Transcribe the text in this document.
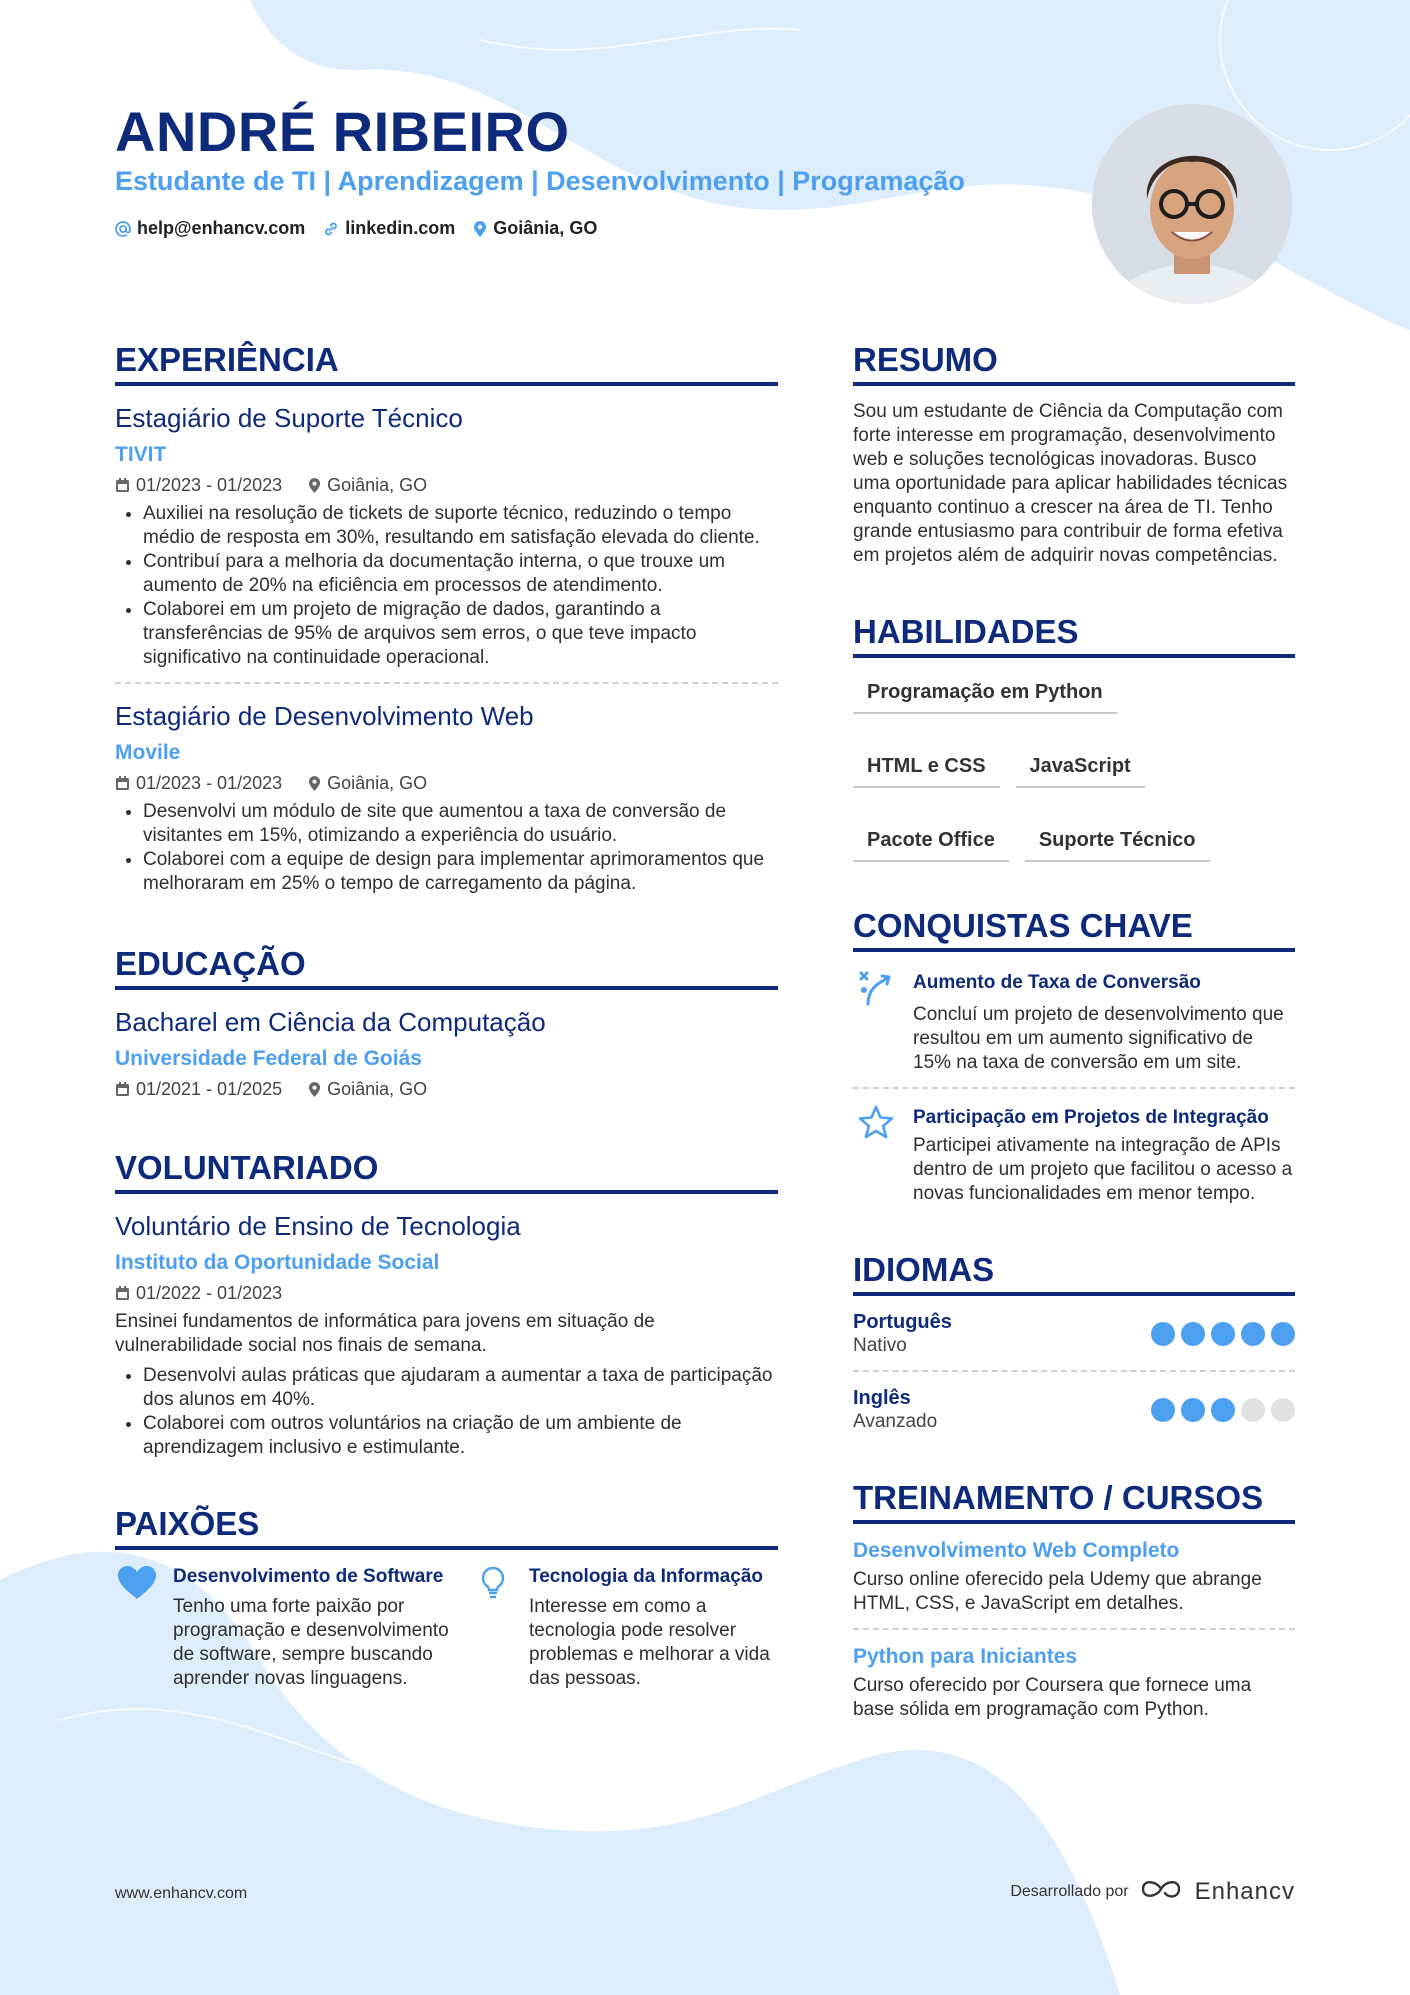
ANDRÉ RIBEIRO
Estudante de TI | Aprendizagem | Desenvolvimento | Programação
help@enhancv.com linkedin.com Goiânia, GO
EXPERIÊNCIA
Estagiário de Suporte Técnico
TIVIT
01/2023 - 01/2023	Goiânia, GO
• Auxiliei na resolução de tickets de suporte técnico, reduzindo o tempo médio de resposta em 30%, resultando em satisfação elevada do cliente.
• Contribuí para a melhoria da documentação interna, o que trouxe um aumento de 20% na eficiência em processos de atendimento.
• Colaborei em um projeto de migração de dados, garantindo a transferências de 95% de arquivos sem erros, o que teve impacto significativo na continuidade operacional.
Estagiário de Desenvolvimento Web
Movile
01/2023 - 01/2023	Goiânia, GO
• Desenvolvi um módulo de site que aumentou a taxa de conversão de visitantes em 15%, otimizando a experiência do usuário.
• Colaborei com a equipe de design para implementar aprimoramentos que melhoraram em 25% o tempo de carregamento da página.
EDUCAÇÃO
Bacharel em Ciência da Computação
Universidade Federal de Goiás
01/2021 - 01/2025	Goiânia, GO
VOLUNTARIADO
Voluntário de Ensino de Tecnologia
Instituto da Oportunidade Social
01/2022 - 01/2023
Ensinei fundamentos de informática para jovens em situação de vulnerabilidade social nos finais de semana.
• Desenvolvi aulas práticas que ajudaram a aumentar a taxa de participação dos alunos em 40%.
• Colaborei com outros voluntários na criação de um ambiente de aprendizagem inclusivo e estimulante.
PAIXÕES
Desenvolvimento de Software
Tenho uma forte paixão por programação e desenvolvimento de software, sempre buscando aprender novas linguagens.
Tecnologia da Informação
Interesse em como a tecnologia pode resolver problemas e melhorar a vida das pessoas.
RESUMO
Sou um estudante de Ciência da Computação com forte interesse em programação, desenvolvimento web e soluções tecnológicas inovadoras. Busco uma oportunidade para aplicar habilidades técnicas enquanto continuo a crescer na área de TI. Tenho grande entusiasmo para contribuir de forma efetiva em projetos além de adquirir novas competências.
HABILIDADES
Programação em Python
HTML e CSS	JavaScript
Pacote Office	Suporte Técnico
CONQUISTAS CHAVE
Aumento de Taxa de Conversão
Concluí um projeto de desenvolvimento que resultou em um aumento significativo de 15% na taxa de conversão em um site.
Participação em Projetos de Integração
Participei ativamente na integração de APIs dentro de um projeto que facilitou o acesso a novas funcionalidades em menor tempo.
IDIOMAS
Português
Nativo
Inglês
Avanzado
TREINAMENTO / CURSOS
Desenvolvimento Web Completo
Curso online oferecido pela Udemy que abrange HTML, CSS, e JavaScript em detalhes.
Python para Iniciantes
Curso oferecido por Coursera que fornece uma base sólida em programação com Python.
www.enhancv.com	Desarrollado por	Enhancv
